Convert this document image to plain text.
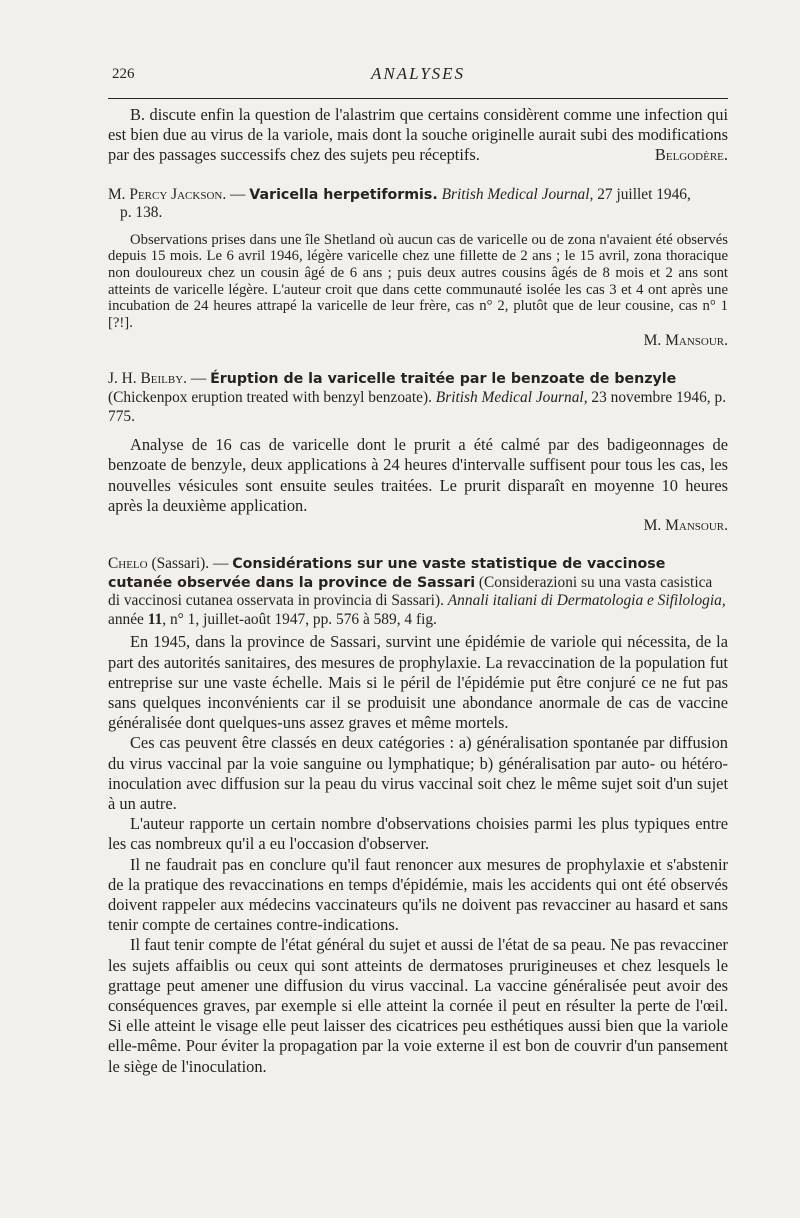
226	ANALYSES

B. discute enfin la question de l'alastrim que certains considèrent comme une infection qui est bien due au virus de la variole, mais dont la souche originelle aurait subi des modifications par des passages successifs chez des sujets peu réceptifs.	Belgodère.

M. Percy Jackson. — Varicella herpetiformis. British Medical Journal, 27 juillet 1946,
p. 138.

Observations prises dans une île Shetland où aucun cas de varicelle ou de zona n'avaient été observés depuis 15 mois. Le 6 avril 1946, légère varicelle chez une fillette de 2 ans ; le 15 avril, zona thoracique non douloureux chez un cousin âgé de 6 ans ; puis deux autres cousins âgés de 8 mois et 2 ans sont atteints de varicelle légère. L'auteur croit que dans cette communauté isolée les cas 3 et 4 ont après une incubation de 24 heures attrapé la varicelle de leur frère, cas n° 2, plutôt que de leur cousine, cas n° 1 [?!].

M. Mansour.
J. H. Beilby. — Éruption de la varicelle traitée par le benzoate de benzyle (Chickenpox eruption treated with benzyl benzoate). British Medical Journal, 23 novembre 1946, p. 775.

Analyse de 16 cas de varicelle dont le prurit a été calmé par des badigeonnages de benzoate de benzyle, deux applications à 24 heures d'intervalle suffisent pour tous les cas, les nouvelles vésicules sont ensuite seules traitées. Le prurit disparaît en moyenne 10 heures après la deuxième application.

M. Mansour.
Chelo (Sassari). — Considérations sur une vaste statistique de vaccinose cutanée observée dans la province de Sassari (Considerazioni su una vasta casistica di vaccinosi cutanea osservata in provincia di Sassari). Annali italiani di Dermatologia e Sifilologia, année 11, n° 1, juillet-août 1947, pp. 576 à 589, 4 fig.

En 1945, dans la province de Sassari, survint une épidémie de variole qui nécessita, de la part des autorités sanitaires, des mesures de prophylaxie. La revaccination de la population fut entreprise sur une vaste échelle. Mais si le péril de l'épidémie put être conjuré ce ne fut pas sans quelques inconvénients car il se produisit une abondance anormale de cas de vaccine généralisée dont quelques-uns assez graves et même mortels.

Ces cas peuvent être classés en deux catégories : a) généralisation spontanée par diffusion du virus vaccinal par la voie sanguine ou lymphatique; b) généralisation par auto- ou hétéro-inoculation avec diffusion sur la peau du virus vaccinal soit chez le même sujet soit d'un sujet à un autre.

L'auteur rapporte un certain nombre d'observations choisies parmi les plus typiques entre les cas nombreux qu'il a eu l'occasion d'observer.

Il ne faudrait pas en conclure qu'il faut renoncer aux mesures de prophylaxie et s'abstenir de la pratique des revaccinations en temps d'épidémie, mais les accidents qui ont été observés doivent rappeler aux médecins vaccinateurs qu'ils ne doivent pas revacciner au hasard et sans tenir compte de certaines contre-indications.

Il faut tenir compte de l'état général du sujet et aussi de l'état de sa peau. Ne pas revacciner les sujets affaiblis ou ceux qui sont atteints de dermatoses prurigineuses et chez lesquels le grattage peut amener une diffusion du virus vaccinal. La vaccine généralisée peut avoir des conséquences graves, par exemple si elle atteint la cornée il peut en résulter la perte de l'œil. Si elle atteint le visage elle peut laisser des cicatrices peu esthétiques aussi bien que la variole elle-même. Pour éviter la propagation par la voie externe il est bon de couvrir d'un pansement le siège de l'inoculation.
